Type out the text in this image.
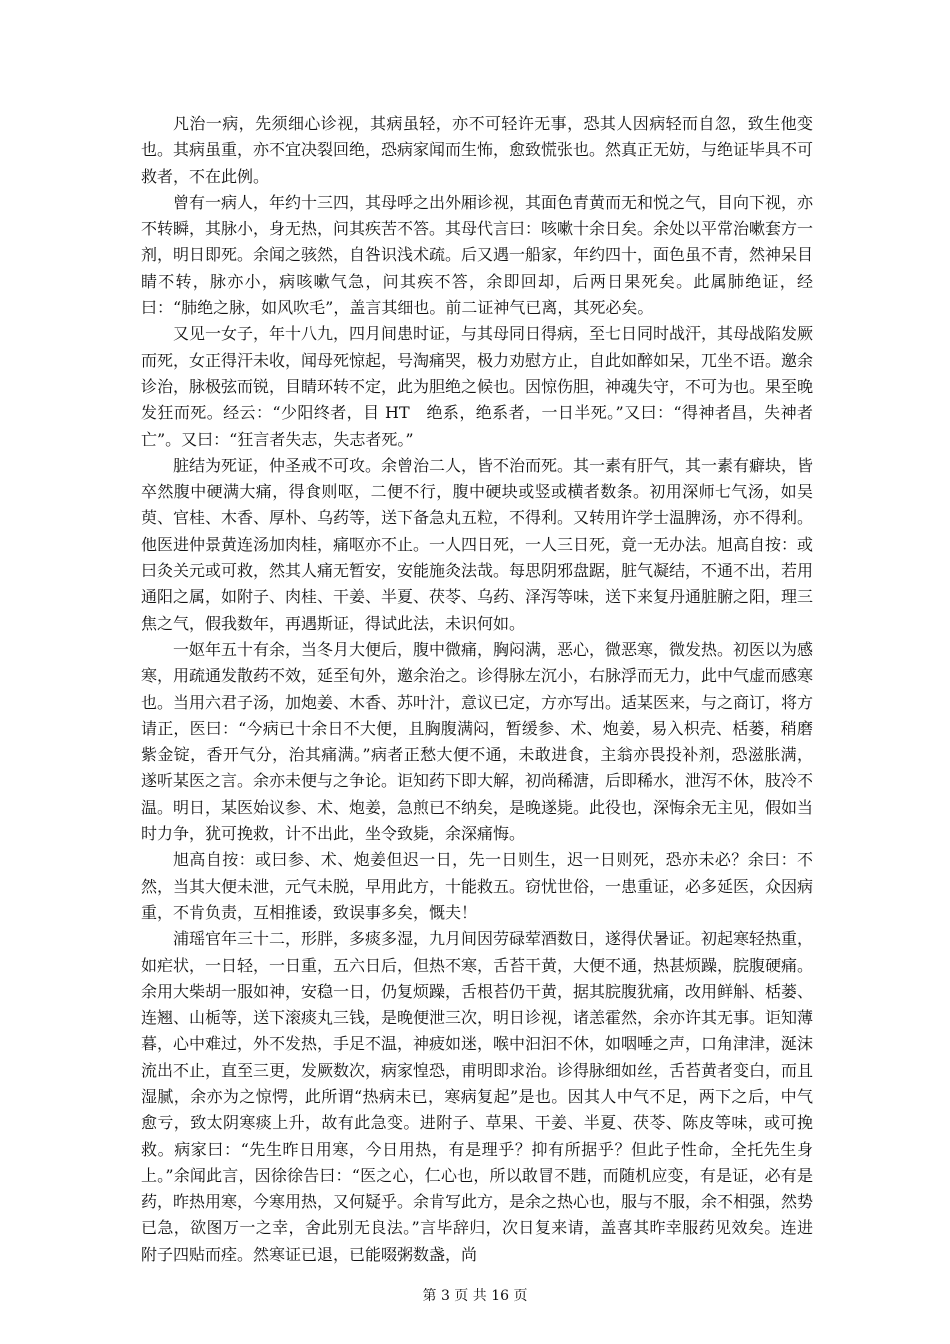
凡治一病，先须细心诊视，其病虽轻，亦不可轻许无事，恐其人因病轻而自忽，致生他变也。其病虽重，亦不宜决裂回绝，恐病家闻而生怖，愈致慌张也。然真正无妨，与绝证毕具不可救者，不在此例。

曾有一病人，年约十三四，其母呼之出外厢诊视，其面色青黄而无和悦之气，目向下视，亦不转瞬，其脉小，身无热，问其疾苦不答。其母代言曰：咳嗽十余日矣。余处以平常治嗽套方一剂，明日即死。余闻之骇然，自咎识浅术疏。后又遇一船家，年约四十，面色虽不青，然神呆目睛不转，脉亦小，病咳嗽气急，问其疾不答，余即回却，后两日果死矣。此属肺绝证，经曰：“肺绝之脉，如风吹毛”，盖言其细也。前二证神气已离，其死必矣。

又见一女子，年十八九，四月间患时证，与其母同日得病，至七日同时战汗，其母战陷发厥而死，女正得汗未收，闻母死惊起，号淘痛哭，极力劝慰方止，自此如醉如呆，兀坐不语。邀余诊治，脉极弦而锐，目睛环转不定，此为胆绝之候也。因惊伤胆，神魂失守，不可为也。果至晚发狂而死。经云：“少阳终者，目 HT　绝系，绝系者，一日半死。”又曰：“得神者昌，失神者亡”。又曰：“狂言者失志，失志者死。”

脏结为死证，仲圣戒不可攻。余曾治二人，皆不治而死。其一素有肝气，其一素有癖块，皆卒然腹中硬满大痛，得食则呕，二便不行，腹中硬块或竖或横者数条。初用深师七气汤，如吴萸、官桂、木香、厚朴、乌药等，送下备急丸五粒，不得利。又转用许学士温脾汤，亦不得利。他医进仲景黄连汤加肉桂，痛呕亦不止。一人四日死，一人三日死，竟一无办法。旭高自按：或曰灸关元或可救，然其人痛无暂安，安能施灸法哉。每思阴邪盘踞，脏气凝结，不通不出，若用通阳之属，如附子、肉桂、干姜、半夏、茯苓、乌药、泽泻等味，送下来复丹通脏腑之阳，理三焦之气，假我数年，再遇斯证，得试此法，未识何如。

一妪年五十有余，当冬月大便后，腹中微痛，胸闷满，恶心，微恶寒，微发热。初医以为感寒，用疏通发散药不效，延至旬外，邀余治之。诊得脉左沉小，右脉浮而无力，此中气虚而感寒也。当用六君子汤，加炮姜、木香、苏叶汁，意议已定，方亦写出。适某医来，与之商订，将方请正，医曰：“今病已十余日不大便，且胸腹满闷，暂缓参、术、炮姜，易入枳壳、栝蒌，稍磨紫金锭，香开气分，治其痛满。”病者正愁大便不通，未敢进食，主翁亦畏投补剂，恐滋胀满，遂听某医之言。余亦未便与之争论。讵知药下即大解，初尚稀溏，后即稀水，泄泻不休，肢冷不温。明日，某医始议参、术、炮姜，急煎已不纳矣，是晚遂毙。此役也，深悔余无主见，假如当时力争，犹可挽救，计不出此，坐令致毙，余深痛悔。

旭高自按：或曰参、术、炮姜但迟一日，先一日则生，迟一日则死，恐亦未必？余曰：不然，当其大便未泄，元气未脱，早用此方，十能救五。窃忧世俗，一患重证，必多延医，众因病重，不肯负责，互相推诿，致误事多矣，慨夫！

浦瑶官年三十二，形胖，多痰多湿，九月间因劳碌荤酒数日，遂得伏暑证。初起寒轻热重，如疟状，一日轻，一日重，五六日后，但热不寒，舌苔干黄，大便不通，热甚烦躁，脘腹硬痛。余用大柴胡一服如神，安稳一日，仍复烦躁，舌根苔仍干黄，据其脘腹犹痛，改用鲜斛、栝蒌、连翘、山栀等，送下滚痰丸三钱，是晚便泄三次，明日诊视，诸恙霍然，余亦许其无事。讵知薄暮，心中难过，外不发热，手足不温，神疲如迷，喉中汩汩不休，如咽唾之声，口角津津，涎沫流出不止，直至三更，发厥数次，病家惶恐，甫明即求治。诊得脉细如丝，舌苔黄者变白，而且湿腻，余亦为之惊愕，此所谓“热病未已，寒病复起”是也。因其人中气不足，两下之后，中气愈亏，致太阴寒痰上升，故有此急变。进附子、草果、干姜、半夏、茯苓、陈皮等味，或可挽救。病家曰：“先生昨日用寒，今日用热，有是理乎？抑有所据乎？但此子性命，全托先生身上。”余闻此言，因徐徐告曰：“医之心，仁心也，所以敢冒不韪，而随机应变，有是证，必有是药，昨热用寒，今寒用热，又何疑乎。余肯写此方，是余之热心也，服与不服，余不相强，然势已急，欲图万一之幸，舍此别无良法。”言毕辞归，次日复来请，盖喜其昨幸服药见效矣。连进附子四贴而痊。然寒证已退，已能啜粥数盏，尚

第 3 页 共 16 页
